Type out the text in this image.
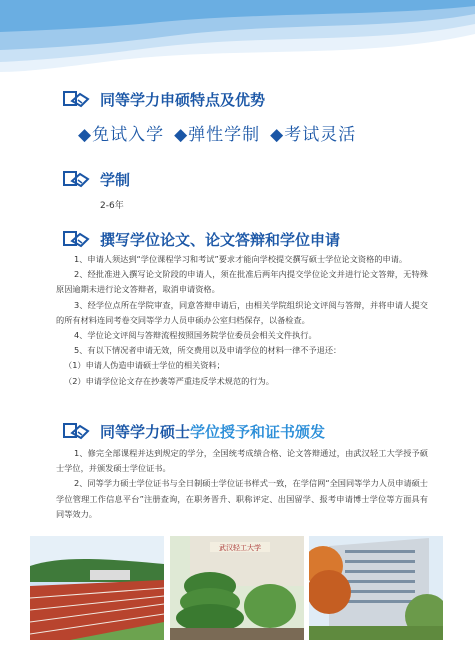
同等学力申硕特点及优势
◆免试入学 ◆弹性学制 ◆考试灵活
学制
2-6年
撰写学位论文、论文答辩和学位申请
1、申请人须达到“学位课程学习和考试”要求才能向学校提交撰写硕士学位论文资格的申请。
2、经批准进入撰写论文阶段的申请人，须在批准后两年内提交学位论文并进行论文答辩，无特殊原因逾期未进行论文答辩者，取消申请资格。
3、经学位点所在学院审查，同意答辩申请后，由相关学院组织论文评阅与答辩，并将申请人提交的所有材料连同考卷交同等学力人员申硕办公室归档保存，以备检查。
4、学位论文评阅与答辩流程按照国务院学位委员会相关文件执行。
5、有以下情况者申请无效，所交费用以及申请学位的材料一律不予退还：
（1）申请人伪造申请硕士学位的相关资料；
（2）申请学位论文存在抄袭等严重违反学术规范的行为。
同等学力硕士 学位授予和证书颁发
1、修完全部课程并达到规定的学分，全国统考成绩合格、论文答辩通过，由武汉轻工大学授予硕士学位，并颁发硕士学位证书。
2、同等学力硕士学位证书与全日制硕士学位证书样式一致，在学信网“全国同等学力人员申请硕士学位管理工作信息平台”注册查询，在职务晋升、职称评定、出国留学、报考申请博士学位等方面具有同等效力。
武汉轻工大学
